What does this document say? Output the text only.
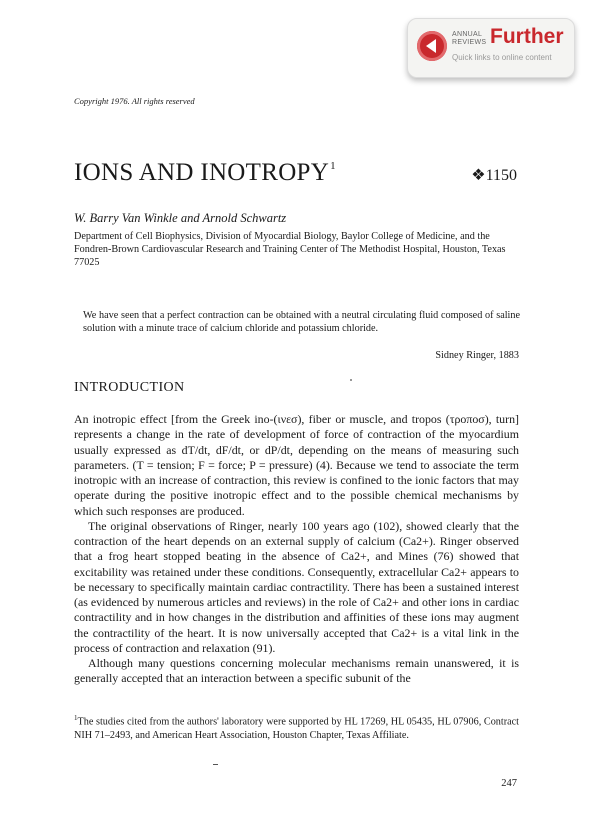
ANNUAL
REVIEWS Further
Quick links to online content
Copyright 1976. All rights reserved
IONS AND INOTROPY$^1$
❖1150
W. Barry Van Winkle and Arnold Schwartz
Department of Cell Biophysics, Division of Myocardial Biology, Baylor College of Medicine, and the Fondren-Brown Cardiovascular Research and Training Center of The Methodist Hospital, Houston, Texas 77025
We have seen that a perfect contraction can be obtained with a neutral circulating fluid composed of saline solution with a minute trace of calcium chloride and potassium chloride.
Sidney Ringer, 1883
INTRODUCTION

An inotropic effect [from the Greek ino-(ινεσ), fiber or muscle, and tropos (τροποσ), turn] represents a change in the rate of development of force of contraction of the myocardium usually expressed as dT/dt, dF/dt, or dP/dt, depending on the means of measuring such parameters. (T = tension; F = force; P = pressure) (4). Because we tend to associate the term inotropic with an increase of contraction, this review is confined to the ionic factors that may operate during the positive inotropic effect and to the possible chemical mechanisms by which such responses are produced.

The original observations of Ringer, nearly 100 years ago (102), showed clearly that the contraction of the heart depends on an external supply of calcium (Ca2+). Ringer observed that a frog heart stopped beating in the absence of Ca2+, and Mines (76) showed that excitability was retained under these conditions. Consequently, extracellular Ca2+ appears to be necessary to specifically maintain cardiac contractility. There has been a sustained interest (as evidenced by numerous articles and reviews) in the role of Ca2+ and other ions in cardiac contractility and in how changes in the distribution and affinities of these ions may augment the contractility of the heart. It is now universally accepted that Ca2+ is a vital link in the process of contraction and relaxation (91).

Although many questions concerning molecular mechanisms remain unanswered, it is generally accepted that an interaction between a specific subunit of the

$^1$The studies cited from the authors' laboratory were supported by HL 17269, HL 05435, HL 07906, Contract NIH 71–2493, and American Heart Association, Houston Chapter, Texas Affiliate.
247
